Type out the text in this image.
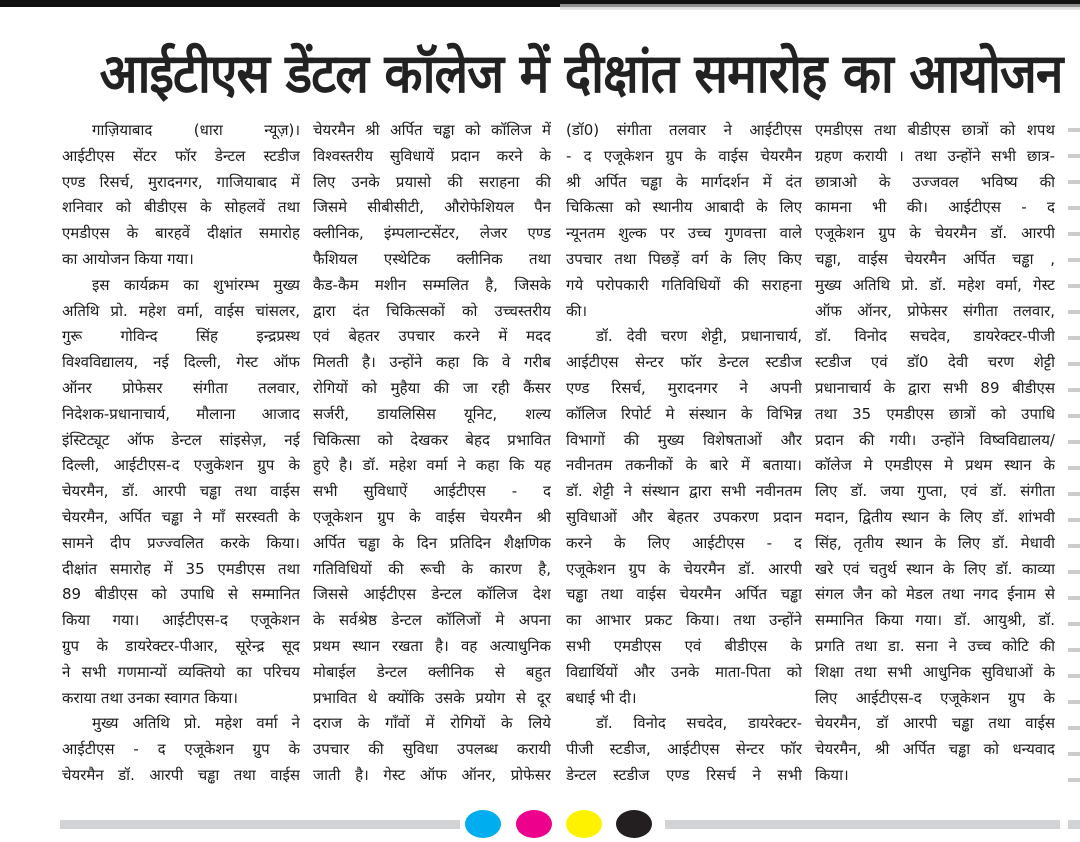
आईटीएस डेंटल कॉलेज में दीक्षांत समारोह का आयोजन
गाज़ियाबाद (धारा न्यूज़)।
आईटीएस सेंटर फॉर डेन्टल स्टडीज
एण्ड रिसर्च, मुरादनगर, गाजियाबाद में
शनिवार को बीडीएस के सोहलवें तथा
एमडीएस के बारहवें दीक्षांत समारोह
का आयोजन किया गया।
इस कार्यक्रम का शुभांरम्भ मुख्य
अतिथि प्रो. महेश वर्मा, वाईस चांसलर,
गुरू गोविन्द सिंह इन्द्रप्रस्थ
विश्वविद्यालय, नई दिल्ली, गेस्ट ऑफ
ऑनर प्रोफेसर संगीता तलवार,
निदेशक-प्रधानाचार्य, मौलाना आजाद
इंस्टिट्यूट ऑफ डेन्टल सांइसेज़, नई
दिल्ली, आईटीएस-द एजुकेशन ग्रुप के
चेयरमैन, डॉ. आरपी चड्ढा तथा वाईस
चेयरमैन, अर्पित चड्ढा ने माँ सरस्वती के
सामने दीप प्रज्ज्वलित करके किया।
दीक्षांत समारोह में 35 एमडीएस तथा
89 बीडीएस को उपाधि से सम्मानित
किया गया। आईटीएस-द एजूकेशन
ग्रुप के डायरेक्टर-पीआर, सूरेन्द्र सूद
ने सभी गणमान्यों व्यक्तियो का परिचय
कराया तथा उनका स्वागत किया।
मुख्य अतिथि प्रो. महेश वर्मा ने
आईटीएस - द एजूकेशन ग्रुप के
चेयरमैन डॉ. आरपी चड्ढा तथा वाईस
चेयरमैन श्री अर्पित चड्ढा को कॉलिज में
विश्वस्तरीय सुविधायें प्रदान करने के
लिए उनके प्रयासो की सराहना की
जिसमे सीबीसीटी, औरोफेशियल पैन
क्लीनिक, इंम्पलान्टसेंटर, लेजर एण्ड
फैशियल एस्थेटिक क्लीनिक तथा
कैड-कैम मशीन सम्मलित है, जिसके
द्वारा दंत चिकित्सकों को उच्चस्तरीय
एवं बेहतर उपचार करने में मदद
मिलती है। उन्होंने कहा कि वे गरीब
रोगियों को मुहैया की जा रही कैंसर
सर्जरी, डायलिसिस यूनिट, शल्य
चिकित्सा को देखकर बेहद प्रभावित
हुऐ है। डॉ. महेश वर्मा ने कहा कि यह
सभी सुविधाऐं आईटीएस - द
एजूकेशन ग्रुप के वाईस चेयरमैन श्री
अर्पित चड्ढा के दिन प्रतिदिन शैक्षणिक
गतिविधियों की रूची के कारण है,
जिससे आईटीएस डेन्टल कॉलिज देश
के सर्वश्रेष्ठ डेन्टल कॉलिजों मे अपना
प्रथम स्थान रखता है। वह अत्याधुनिक
मोबाईल डेन्टल क्लीनिक से बहुत
प्रभावित थे क्योंकि उसके प्रयोग से दूर
दराज के गाँवों में रोगियों के लिये
उपचार की सुविधा उपलब्ध करायी
जाती है। गेस्ट ऑफ ऑनर, प्रोफेसर
(डॉ0) संगीता तलवार ने आईटीएस
- द एजूकेशन ग्रुप के वाईस चेयरमैन
श्री अर्पित चड्ढा के मार्गदर्शन में दंत
चिकित्सा को स्थानीय आबादी के लिए
न्यूनतम शुल्क पर उच्च गुणवत्ता वाले
उपचार तथा पिछड़ें वर्ग के लिए किए
गये परोपकारी गतिविधियों की सराहना
की।
डॉ. देवी चरण शेट्टी, प्रधानाचार्य,
आईटीएस सेन्टर फॉर डेन्टल स्टडीज
एण्ड रिसर्च, मुरादनगर ने अपनी
कॉलिज रिपोर्ट मे संस्थान के विभिन्न
विभागों की मुख्य विशेषताओं और
नवीनतम तकनीकों के बारे में बताया।
डॉ. शेट्टी ने संस्थान द्वारा सभी नवीनतम
सुविधाओं और बेहतर उपकरण प्रदान
करने के लिए आईटीएस - द
एजूकेशन ग्रुप के चेयरमैन डॉ. आरपी
चड्ढा तथा वाईस चेयरमैन अर्पित चड्ढा
का आभार प्रकट किया। तथा उन्होंने
सभी एमडीएस एवं बीडीएस के
विद्यार्थियों और उनके माता-पिता को
बधाई भी दी।
डॉ. विनोद सचदेव, डायरेक्टर-
पीजी स्टडीज, आईटीएस सेन्टर फॉर
डेन्टल स्टडीज एण्ड रिसर्च ने सभी
एमडीएस तथा बीडीएस छात्रों को शपथ
ग्रहण करायी । तथा उन्होंने सभी छात्र-
छात्राओ के उज्जवल भविष्य की
कामना भी की। आईटीएस - द
एजूकेशन ग्रुप के चेयरमैन डॉ. आरपी
चड्ढा, वाईस चेयरमैन अर्पित चड्ढा ,
मुख्य अतिथि प्रो. डॉ. महेश वर्मा, गेस्ट
ऑफ ऑनर, प्रोफेसर संगीता तलवार,
डॉ. विनोद सचदेव, डायरेक्टर-पीजी
स्टडीज एवं डॉ0 देवी चरण शेट्टी
प्रधानाचार्य के द्वारा सभी 89 बीडीएस
तथा 35 एमडीएस छात्रों को उपाधि
प्रदान की गयी। उन्होंने विष्वविद्यालय/
कॉलेज मे एमडीएस मे प्रथम स्थान के
लिए डॉ. जया गुप्ता, एवं डॉ. संगीता
मदान, द्वितीय स्थान के लिए डॉ. शांभवी
सिंह, तृतीय स्थान के लिए डॉ. मेधावी
खरे एवं चतुर्थ स्थान के लिए डॉ. काव्या
संगल जैन को मेडल तथा नगद ईनाम से
सम्मानित किया गया। डॉ. आयुश्री, डॉ.
प्रगति तथा डा. सना ने उच्च कोटि की
शिक्षा तथा सभी आधुनिक सुविधाओं के
लिए आईटीएस-द एजूकेशन ग्रुप के
चेयरमैन, डॉ आरपी चड्ढा तथा वाईस
चेयरमैन, श्री अर्पित चड्ढा को धन्यवाद
किया।
